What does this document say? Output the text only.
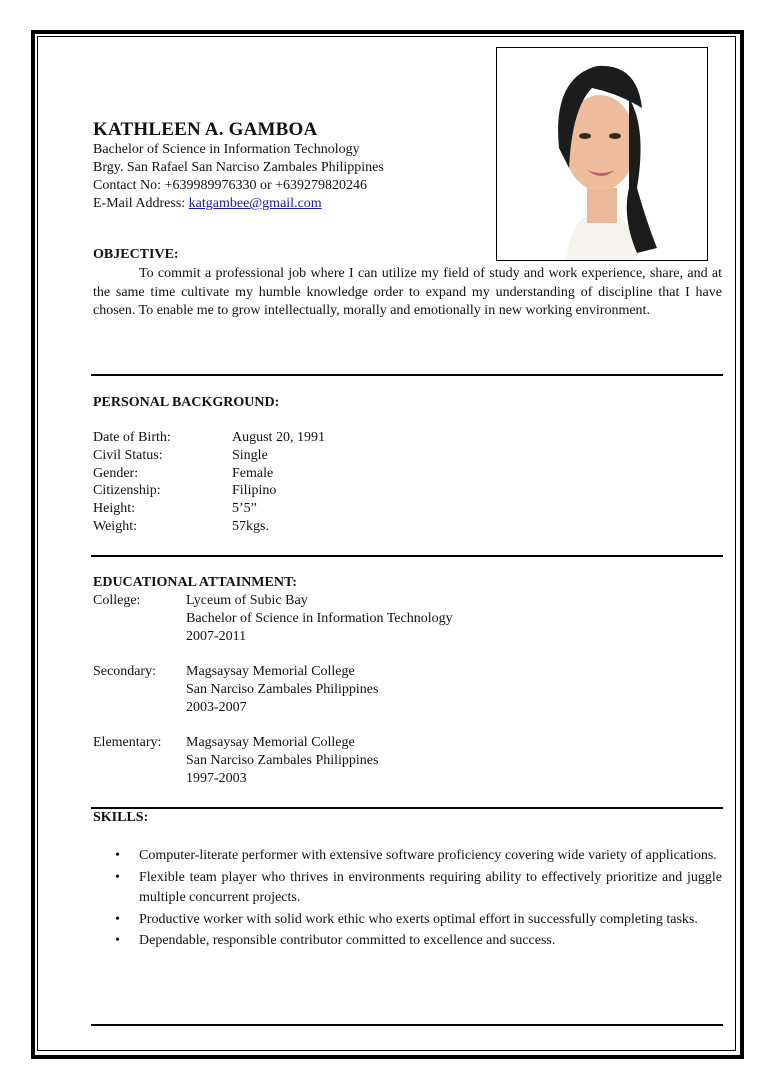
KATHLEEN A. GAMBOA
Bachelor of Science in Information Technology
Brgy. San Rafael San Narciso Zambales Philippines
Contact No: +639989976330 or +639279820246
E-Mail Address: katgambee@gmail.com
OBJECTIVE:
To commit a professional job where I can utilize my field of study and work experience, share, and at the same time cultivate my humble knowledge order to expand my understanding of discipline that I have chosen. To enable me to grow intellectually, morally and emotionally in new working environment.
PERSONAL BACKGROUND:
Date of Birth:	August 20, 1991
Civil Status:	Single
Gender:	Female
Citizenship:	Filipino
Height:	5’5”
Weight:	57kgs.
EDUCATIONAL ATTAINMENT:
College:	Lyceum of Subic Bay
Bachelor of Science in Information Technology
2007-2011
Secondary:	Magsaysay Memorial College
San Narciso Zambales Philippines
2003-2007
Elementary:	Magsaysay Memorial College
San Narciso Zambales Philippines
1997-2003
SKILLS:
• Computer-literate performer with extensive software proficiency covering wide variety of applications.
• Flexible team player who thrives in environments requiring ability to effectively prioritize and juggle multiple concurrent projects.
• Productive worker with solid work ethic who exerts optimal effort in successfully completing tasks.
• Dependable, responsible contributor committed to excellence and success.
